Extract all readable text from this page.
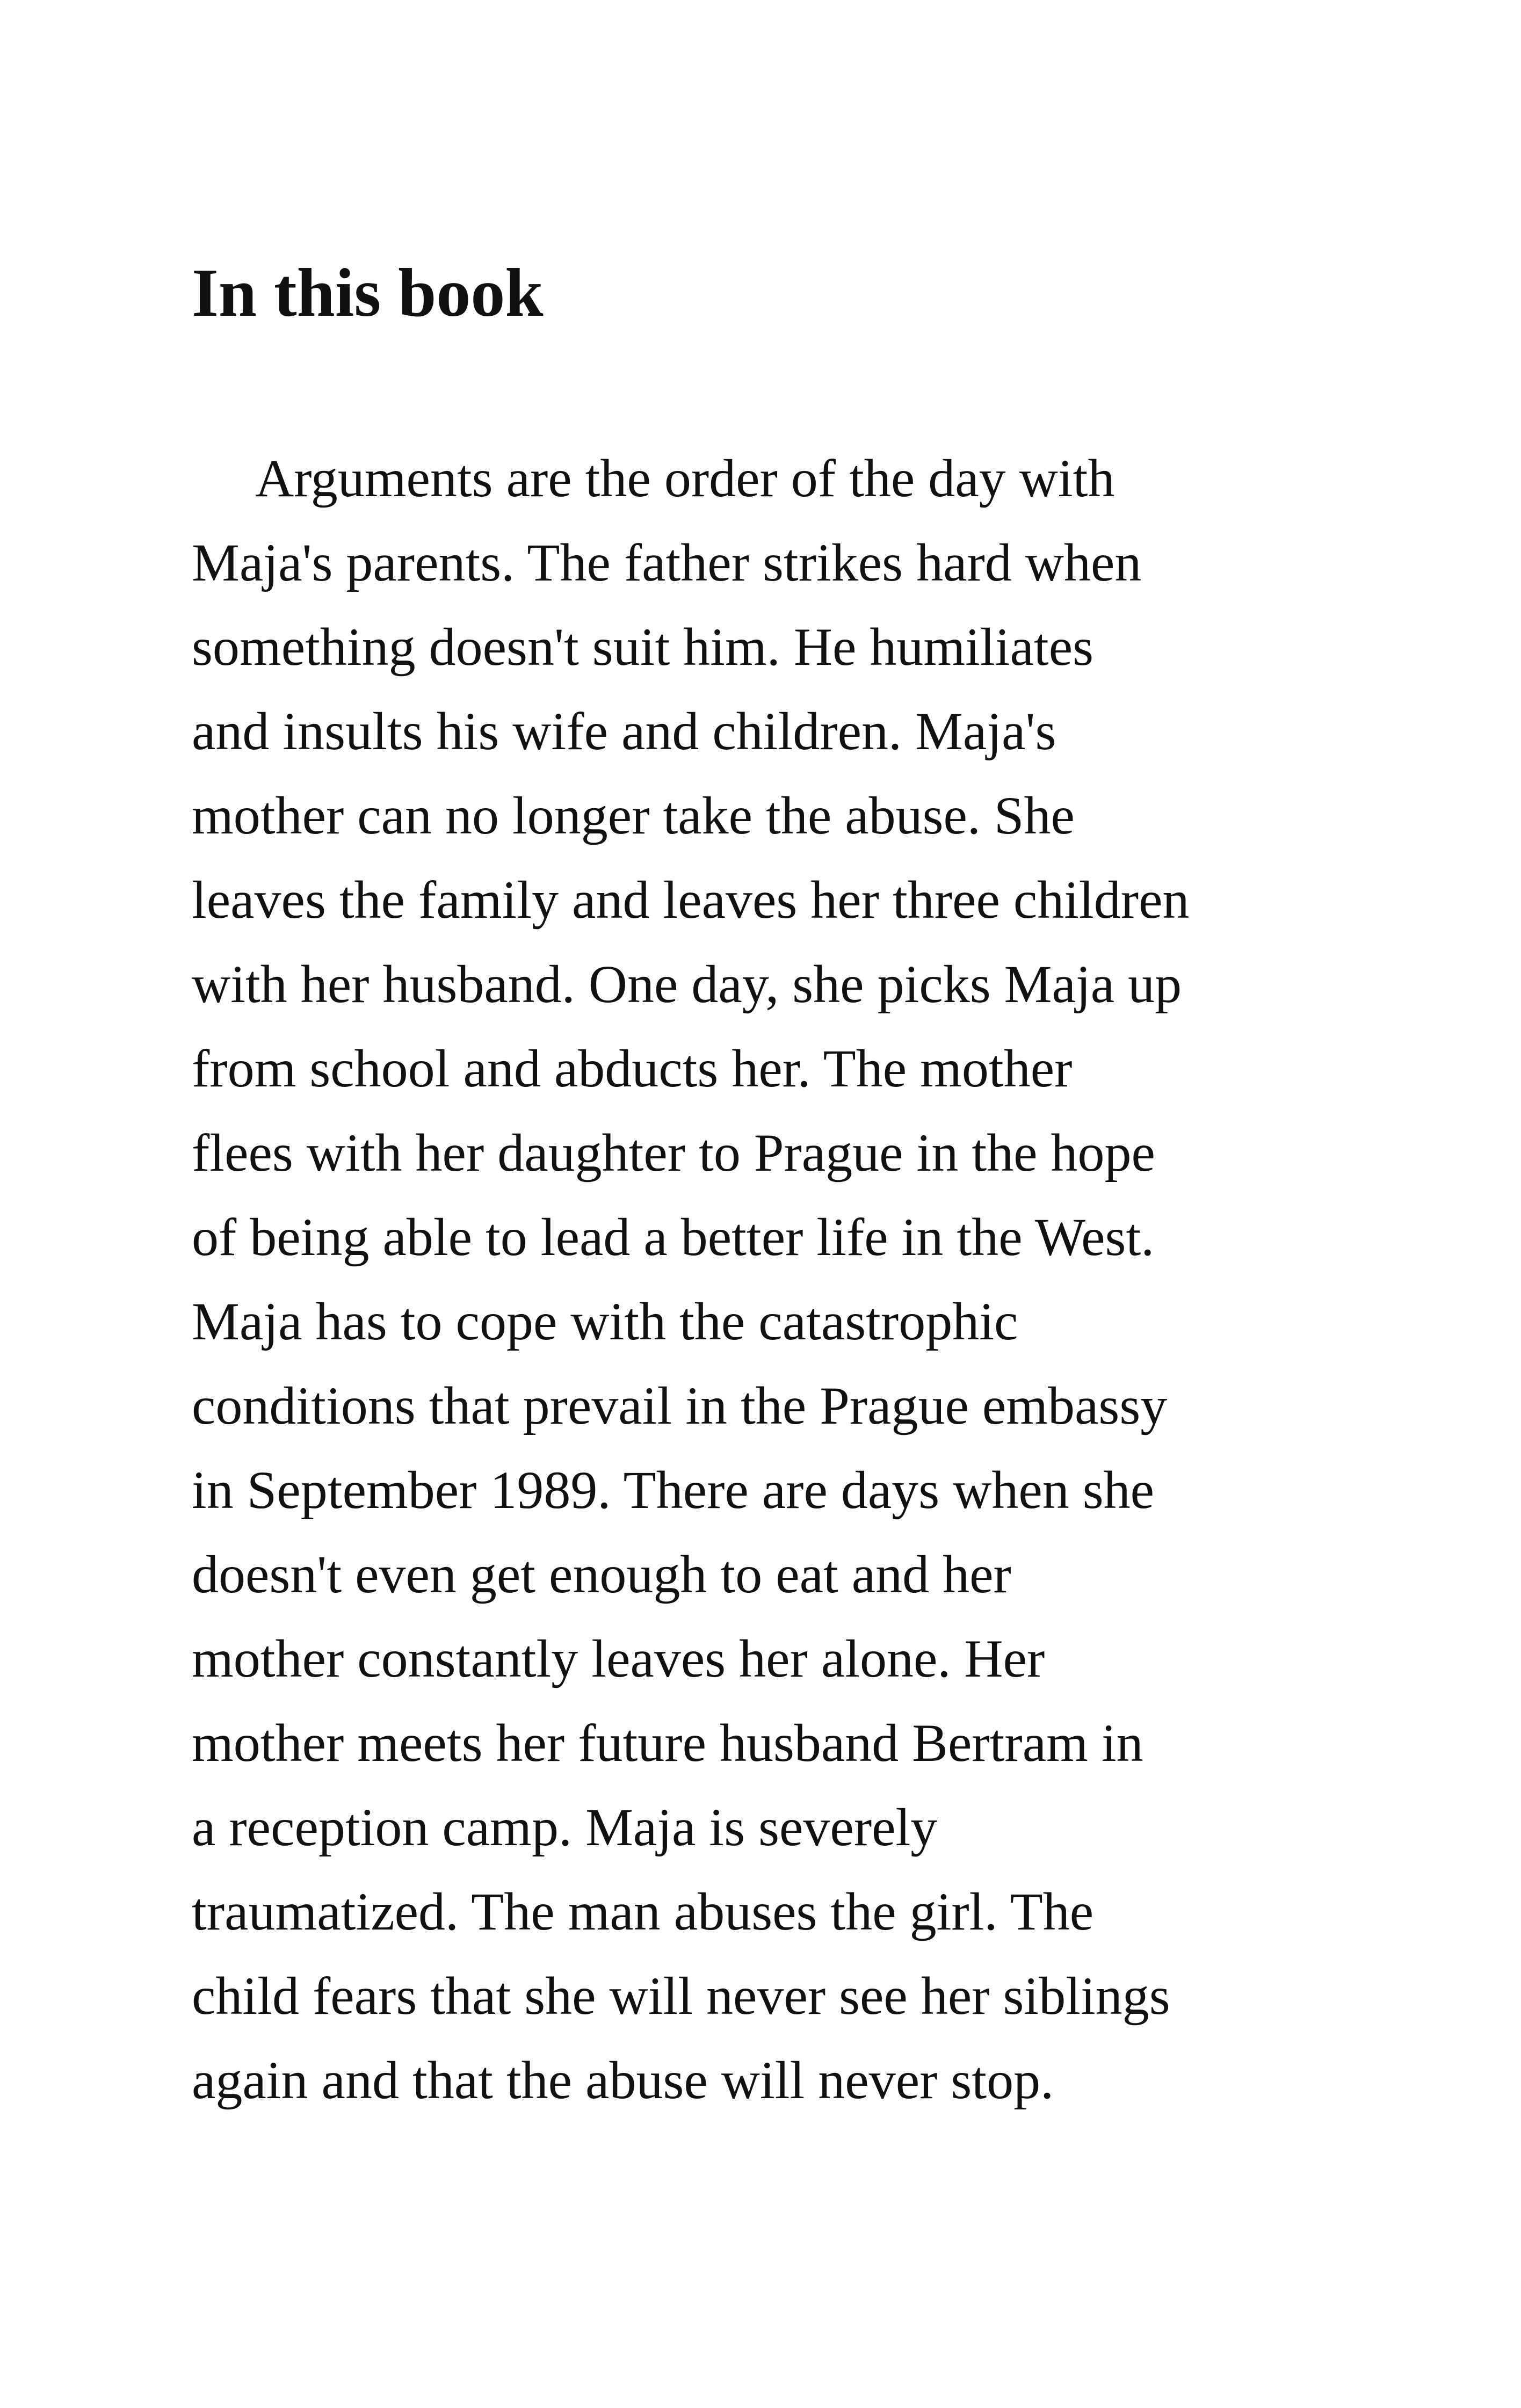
In this book
Arguments are the order of the day with
Maja's parents. The father strikes hard when
something doesn't suit him. He humiliates
and insults his wife and children. Maja's
mother can no longer take the abuse. She
leaves the family and leaves her three children
with her husband. One day, she picks Maja up
from school and abducts her. The mother
flees with her daughter to Prague in the hope
of being able to lead a better life in the West.
Maja has to cope with the catastrophic
conditions that prevail in the Prague embassy
in September 1989. There are days when she
doesn't even get enough to eat and her
mother constantly leaves her alone. Her
mother meets her future husband Bertram in
a reception camp. Maja is severely
traumatized. The man abuses the girl. The
child fears that she will never see her siblings
again and that the abuse will never stop.
